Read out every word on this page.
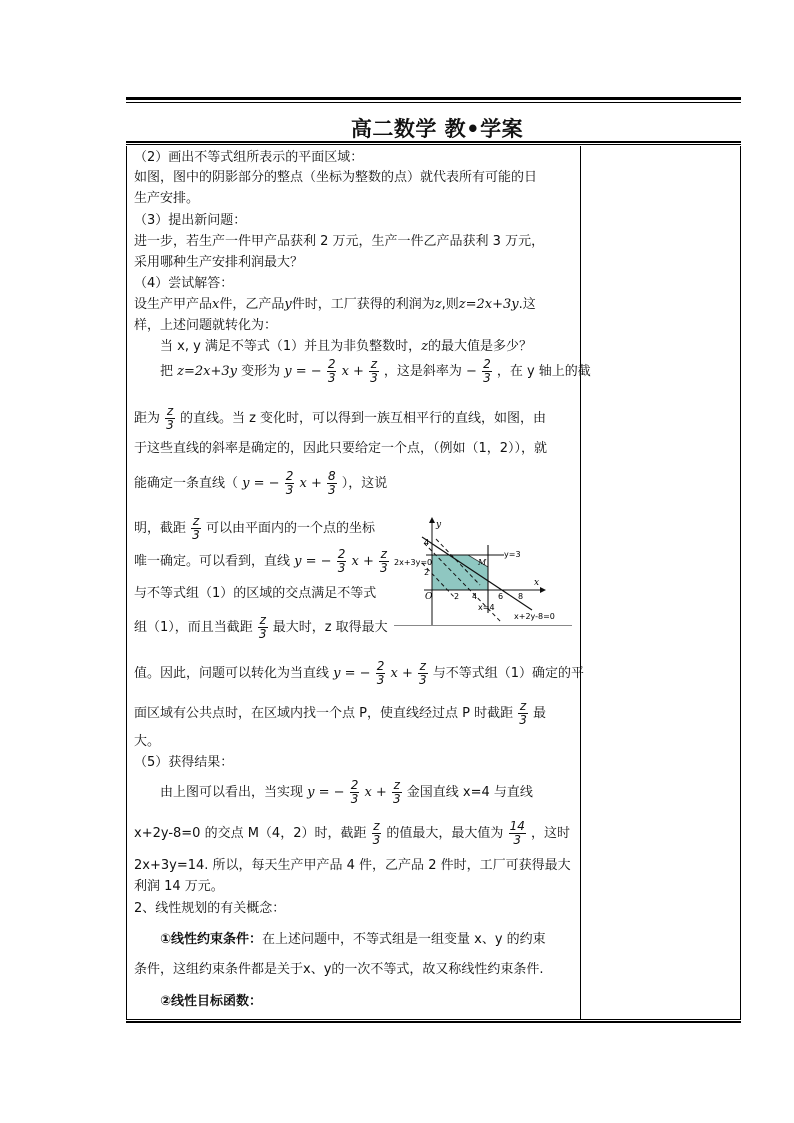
高二数学 教•学案
（2）画出不等式组所表示的平面区域：
如图，图中的阴影部分的整点（坐标为整数的点）就代表所有可能的日
生产安排。
（3）提出新问题：
进一步，若生产一件甲产品获利 2 万元，生产一件乙产品获利 3 万元，
采用哪种生产安排利润最大？
（4）尝试解答：
设生产甲产品x件，乙产品y件时，工厂获得的利润为z,则z=2x+3y.这
样，上述问题就转化为：
当 x, y 满足不等式（1）并且为非负整数时，z的最大值是多少？
把 z=2x+3y 变形为 y = − $\frac{2}{3}$ $x + \frac{z}{3}$ ，这是斜率为 − $\frac{2}{3}$ ，在 y 轴上的截
距为 $\frac{z}{3}$ 的直线。当 z 变化时，可以得到一族互相平行的直线，如图，由
于这些直线的斜率是确定的，因此只要给定一个点，（例如（1，2）），就
能确定一条直线（ y = − $\frac{2}{3}$ $x + \frac{8}{3}$ ），这说
明，截距 $\frac{z}{3}$ 可以由平面内的一个点的坐标
唯一确定。可以看到，直线 y = − $\frac{2}{3}$ $x + \frac{z}{3}$
与不等式组（1）的区域的交点满足不等式
组（1），而且当截距 $\frac{z}{3}$ 最大时，z 取得最大
值。因此，问题可以转化为当直线 y = − $\frac{2}{3}$ $x + \frac{z}{3}$ 与不等式组（1）确定的平
面区域有公共点时，在区域内找一个点 P，使直线经过点 P 时截距 $\frac{z}{3}$ 最
大。
（5）获得结果：
由上图可以看出，当实现 y = − $\frac{2}{3}$ $x + \frac{z}{3}$ 金国直线 x=4 与直线
x+2y-8=0 的交点 M（4，2）时，截距 $\frac{z}{3}$ 的值最大，最大值为 $\frac{14}{3}$ ，这时
2x+3y=14. 所以，每天生产甲产品 4 件，乙产品 2 件时，工厂可获得最大
利润 14 万元。
2、线性规划的有关概念：
①线性约束条件：在上述问题中，不等式组是一组变量 x、y 的约束
条件，这组约束条件都是关于x、y的一次不等式，故又称线性约束条件.
②线性目标函数：
y
x
O
y=3
2x+3y=0	M
x=4
x+2y-8=0
2 4	6 8
4
2
